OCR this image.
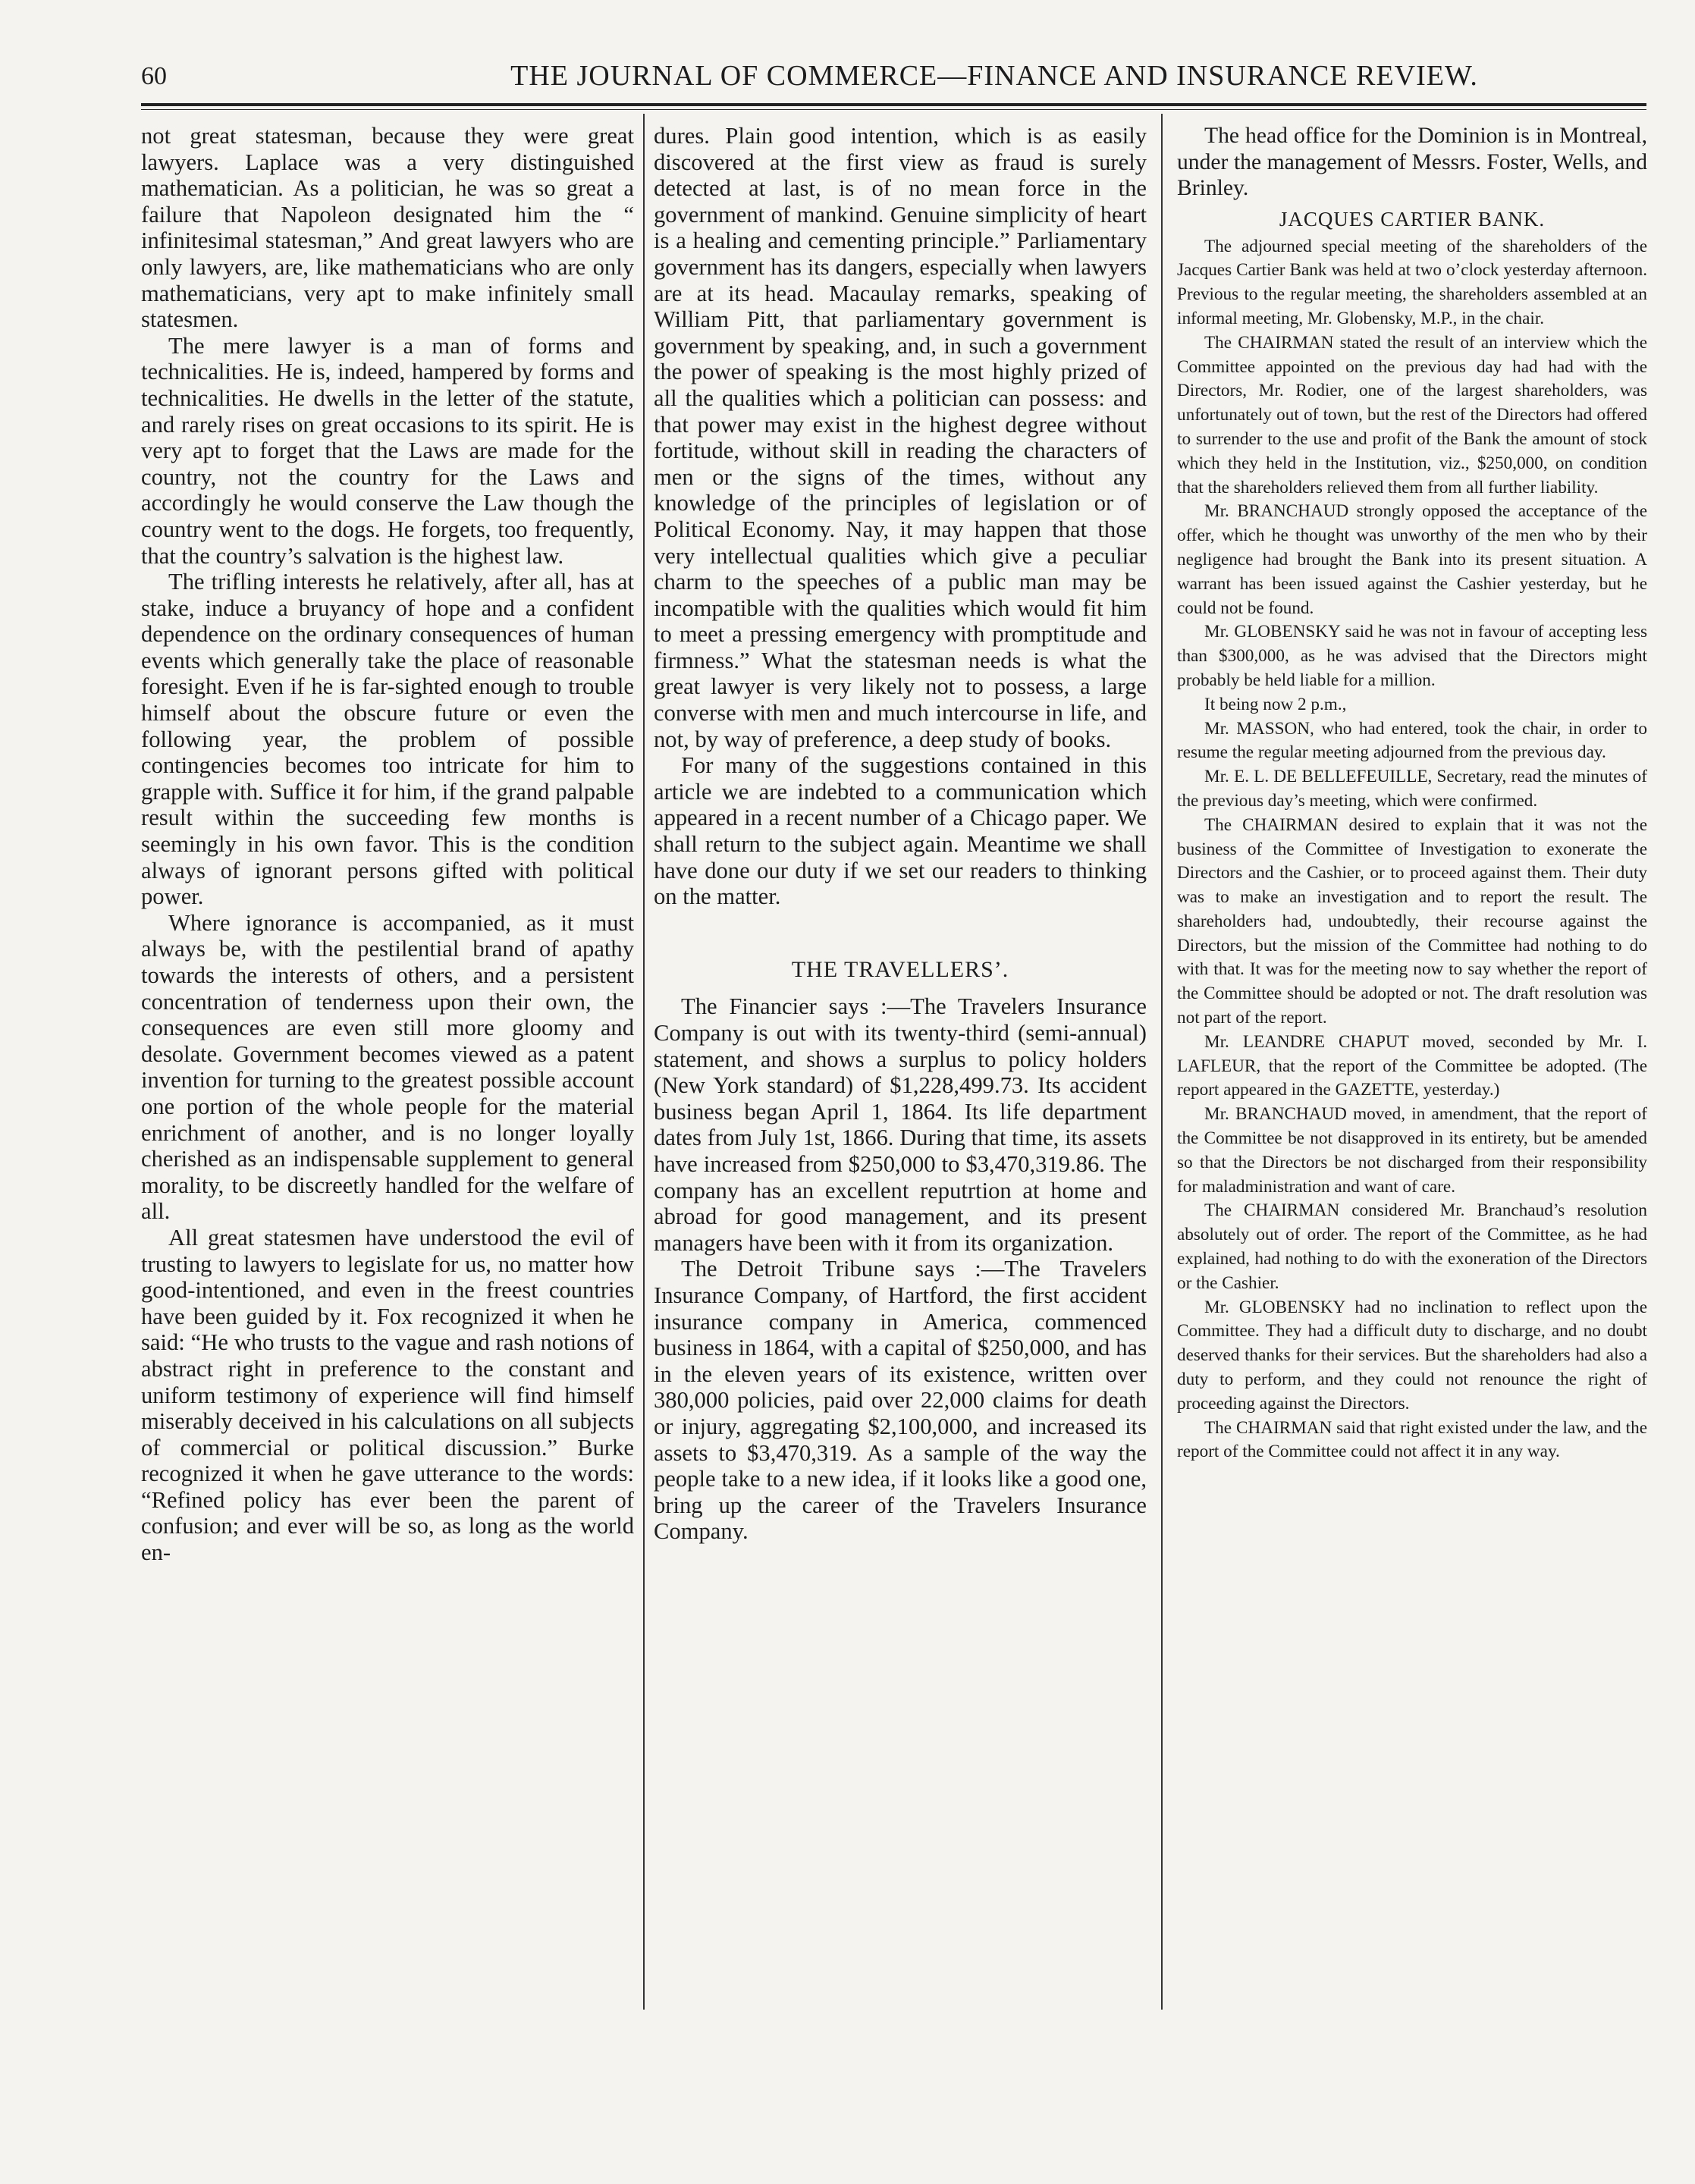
60	THE JOURNAL OF COMMERCE—FINANCE AND INSURANCE REVIEW.

not great statesman, because they were great lawyers. Laplace was a very distinguished mathematician. As a politician, he was so great a failure that Napoleon designated him the “ infinitesimal statesman,” And great lawyers who are only lawyers, are, like mathematicians who are only mathematicians, very apt to make infinitely small statesmen.

The mere lawyer is a man of forms and technicalities. He is, indeed, hampered by forms and technicalities. He dwells in the letter of the statute, and rarely rises on great occasions to its spirit. He is very apt to forget that the Laws are made for the country, not the country for the Laws and accordingly he would conserve the Law though the country went to the dogs. He forgets, too frequently, that the country’s salvation is the highest law.

The trifling interests he relatively, after all, has at stake, induce a bruyancy of hope and a confident dependence on the ordinary consequences of human events which generally take the place of reasonable foresight. Even if he is far-sighted enough to trouble himself about the obscure future or even the following year, the problem of possible contingencies becomes too intricate for him to grapple with. Suffice it for him, if the grand palpable result within the succeeding few months is seemingly in his own favor. This is the condition always of ignorant persons gifted with political power.

Where ignorance is accompanied, as it must always be, with the pestilential brand of apathy towards the interests of others, and a persistent concentration of tenderness upon their own, the consequences are even still more gloomy and desolate. Government becomes viewed as a patent invention for turning to the greatest possible account one portion of the whole people for the material enrichment of another, and is no longer loyally cherished as an indispensable supplement to general morality, to be discreetly handled for the welfare of all.

All great statesmen have understood the evil of trusting to lawyers to legislate for us, no matter how good-intentioned, and even in the freest countries have been guided by it. Fox recognized it when he said: “He who trusts to the vague and rash notions of abstract right in preference to the constant and uniform testimony of experience will find himself miserably deceived in his calculations on all subjects of commercial or political discussion.” Burke recognized it when he gave utterance to the words: “Refined policy has ever been the parent of confusion; and ever will be so, as long as the world en-

dures. Plain good intention, which is as easily discovered at the first view as fraud is surely detected at last, is of no mean force in the government of mankind. Genuine simplicity of heart is a healing and cementing principle.” Parliamentary government has its dangers, especially when lawyers are at its head. Macaulay remarks, speaking of William Pitt, that parliamentary government is government by speaking, and, in such a government the power of speaking is the most highly prized of all the qualities which a politician can possess: and that power may exist in the highest degree without fortitude, without skill in reading the characters of men or the signs of the times, without any knowledge of the principles of legislation or of Political Economy. Nay, it may happen that those very intellectual qualities which give a peculiar charm to the speeches of a public man may be incompatible with the qualities which would fit him to meet a pressing emergency with promptitude and firmness.” What the statesman needs is what the great lawyer is very likely not to possess, a large converse with men and much intercourse in life, and not, by way of preference, a deep study of books.

For many of the suggestions contained in this article we are indebted to a communication which appeared in a recent number of a Chicago paper. We shall return to the subject again. Meantime we shall have done our duty if we set our readers to thinking on the matter.

THE TRAVELLERS’.

The Financier says :—The Travelers Insurance Company is out with its twenty-third (semi-annual) statement, and shows a surplus to policy holders (New York standard) of $1,228,499.73. Its accident business began April 1, 1864. Its life department dates from July 1st, 1866. During that time, its assets have increased from $250,000 to $3,470,319.86. The company has an excellent reputrtion at home and abroad for good management, and its present managers have been with it from its organization.

The Detroit Tribune says :—The Travelers Insurance Company, of Hartford, the first accident insurance company in America, commenced business in 1864, with a capital of $250,000, and has in the eleven years of its existence, written over 380,000 policies, paid over 22,000 claims for death or injury, aggregating $2,100,000, and increased its assets to $3,470,319. As a sample of the way the people take to a new idea, if it looks like a good one, bring up the career of the Travelers Insurance Company.

The head office for the Dominion is in Montreal, under the management of Messrs. Foster, Wells, and Brinley.

JACQUES CARTIER BANK.

The adjourned special meeting of the shareholders of the Jacques Cartier Bank was held at two o’clock yesterday afternoon. Previous to the regular meeting, the shareholders assembled at an informal meeting, Mr. Globensky, M.P., in the chair.

The CHAIRMAN stated the result of an interview which the Committee appointed on the previous day had had with the Directors, Mr. Rodier, one of the largest shareholders, was unfortunately out of town, but the rest of the Directors had offered to surrender to the use and profit of the Bank the amount of stock which they held in the Institution, viz., $250,000, on condition that the shareholders relieved them from all further liability.

Mr. BRANCHAUD strongly opposed the acceptance of the offer, which he thought was unworthy of the men who by their negligence had brought the Bank into its present situation. A warrant has been issued against the Cashier yesterday, but he could not be found.

Mr. GLOBENSKY said he was not in favour of accepting less than $300,000, as he was advised that the Directors might probably be held liable for a million.

It being now 2 p.m.,

Mr. MASSON, who had entered, took the chair, in order to resume the regular meeting adjourned from the previous day.

Mr. E. L. DE BELLEFEUILLE, Secretary, read the minutes of the previous day’s meeting, which were confirmed.

The CHAIRMAN desired to explain that it was not the business of the Committee of Investigation to exonerate the Directors and the Cashier, or to proceed against them. Their duty was to make an investigation and to report the result. The shareholders had, undoubtedly, their recourse against the Directors, but the mission of the Committee had nothing to do with that. It was for the meeting now to say whether the report of the Committee should be adopted or not. The draft resolution was not part of the report.

Mr. LEANDRE CHAPUT moved, seconded by Mr. I. LAFLEUR, that the report of the Committee be adopted. (The report appeared in the GAZETTE, yesterday.)

Mr. BRANCHAUD moved, in amendment, that the report of the Committee be not disapproved in its entirety, but be amended so that the Directors be not discharged from their responsibility for maladministration and want of care.

The CHAIRMAN considered Mr. Branchaud’s resolution absolutely out of order. The report of the Committee, as he had explained, had nothing to do with the exoneration of the Directors or the Cashier.

Mr. GLOBENSKY had no inclination to reflect upon the Committee. They had a difficult duty to discharge, and no doubt deserved thanks for their services. But the shareholders had also a duty to perform, and they could not renounce the right of proceeding against the Directors.

The CHAIRMAN said that right existed under the law, and the report of the Committee could not affect it in any way.
